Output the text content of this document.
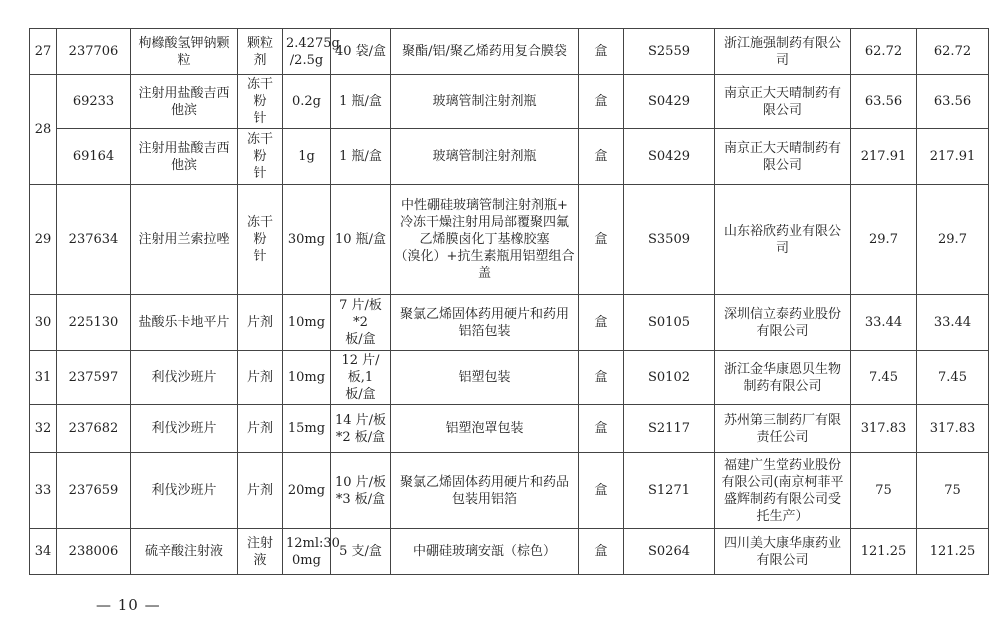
27	237706	枸橼酸氢钾钠颗
粒	颗粒剂	2.4275g
/2.5g	40 袋/盒	聚酯/铝/聚乙烯药用复合膜袋	盒	S2559	浙江施强制药有限公
司	62.72	62.72
28	69233	注射用盐酸吉西
他滨	冻干粉
针	0.2g	1 瓶/盒	玻璃管制注射剂瓶	盒	S0429	南京正大天晴制药有
限公司	63.56	63.56
	69164	注射用盐酸吉西
他滨	冻干粉
针	1g	1 瓶/盒	玻璃管制注射剂瓶	盒	S0429	南京正大天晴制药有
限公司	217.91	217.91
29	237634	注射用兰索拉唑	冻干粉
针	30mg	10 瓶/盒	中性硼硅玻璃管制注射剂瓶+
冷冻干燥注射用局部覆聚四氟
乙烯膜卤化丁基橡胶塞
（溴化）+抗生素瓶用铝塑组合
盖	盒	S3509	山东裕欣药业有限公
司	29.7	29.7
30	225130	盐酸乐卡地平片	片剂	10mg	7 片/板*2
板/盒	聚氯乙烯固体药用硬片和药用
铝箔包装	盒	S0105	深圳信立泰药业股份
有限公司	33.44	33.44
31	237597	利伐沙班片	片剂	10mg	12 片/板,1
板/盒	铝塑包装	盒	S0102	浙江金华康恩贝生物
制药有限公司	7.45	7.45
32	237682	利伐沙班片	片剂	15mg	14 片/板
*2 板/盒	铝塑泡罩包装	盒	S2117	苏州第三制药厂有限
责任公司	317.83	317.83
33	237659	利伐沙班片	片剂	20mg	10 片/板
*3 板/盒	聚氯乙烯固体药用硬片和药品
包装用铝箔	盒	S1271	福建广生堂药业股份
有限公司(南京柯菲平
盛辉制药有限公司受
托生产）	75	75
34	238006	硫辛酸注射液	注射液	12ml:30
0mg	5 支/盒	中硼硅玻璃安瓿（棕色）	盒	S0264	四川美大康华康药业
有限公司	121.25	121.25
— 10 —
